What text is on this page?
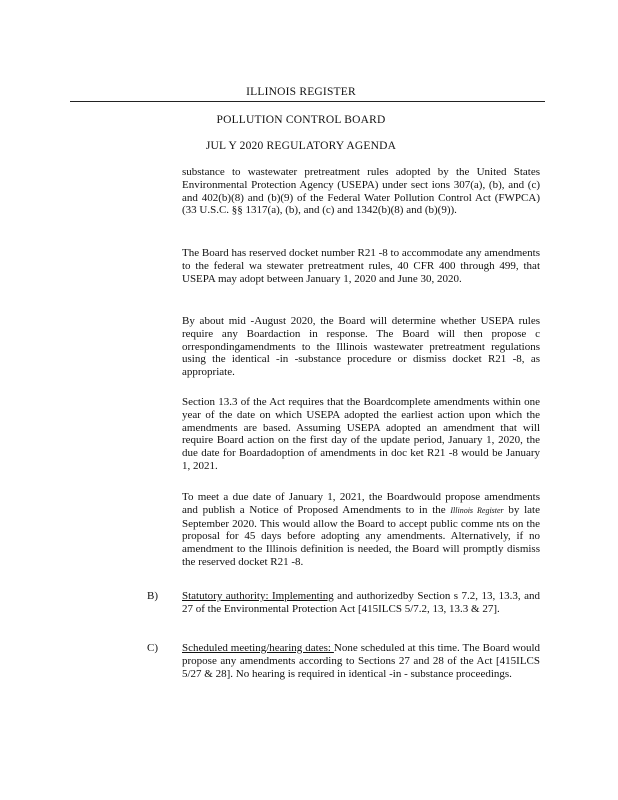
ILLINOIS REGISTER
POLLUTION CONTROL BOARD
JUL Y 2020 REGULATORY AGENDA

substance to wastewater pretreatment rules adopted by the United States Environmental Protection Agency (USEPA) under sect ions 307(a), (b), and (c) and 402(b)(8) and (b)(9) of the Federal Water Pollution Control Act (FWPCA) (33 U.S.C. §§ 1317(a), (b), and (c) and 1342(b)(8) and (b)(9)).

The Board has reserved docket number R21 -8 to accommodate any amendments to the federal wa stewater pretreatment rules, 40 CFR 400 through 499, that USEPA may adopt between January 1, 2020 and June 30, 2020.

By about mid -August 2020, the Board will determine whether USEPA rules require any Boardaction in response. The Board will then propose c orrespondingamendments to the Illinois wastewater pretreatment regulations using the identical -in -substance procedure or dismiss docket R21 -8, as appropriate.

Section 13.3 of the Act requires that the Boardcomplete amendments within one year of the date on which USEPA adopted the earliest action upon which the amendments are based. Assuming USEPA adopted an amendment that will require Board action on the first day of the update period, January 1, 2020, the due date for Boardadoption of amendments in doc ket R21 -8 would be January 1, 2021.

To meet a due date of January 1, 2021, the Boardwould propose amendments and publish a Notice of Proposed Amendments to in the Illinois Register by late September 2020. This would allow the Board to accept public comme nts on the proposal for 45 days before adopting any amendments. Alternatively, if no amendment to the Illinois definition is needed, the Board will promptly dismiss the reserved docket R21 -8.

B) Statutory authority: Implementing and authorizedby Section s 7.2, 13, 13.3, and 27 of the Environmental Protection Act [415ILCS 5/7.2, 13, 13.3 & 27].

C) Scheduled meeting/hearing dates: None scheduled at this time. The Board would propose any amendments according to Sections 27 and 28 of the Act [415ILCS 5/27 & 28]. No hearing is required in identical -in - substance proceedings.
